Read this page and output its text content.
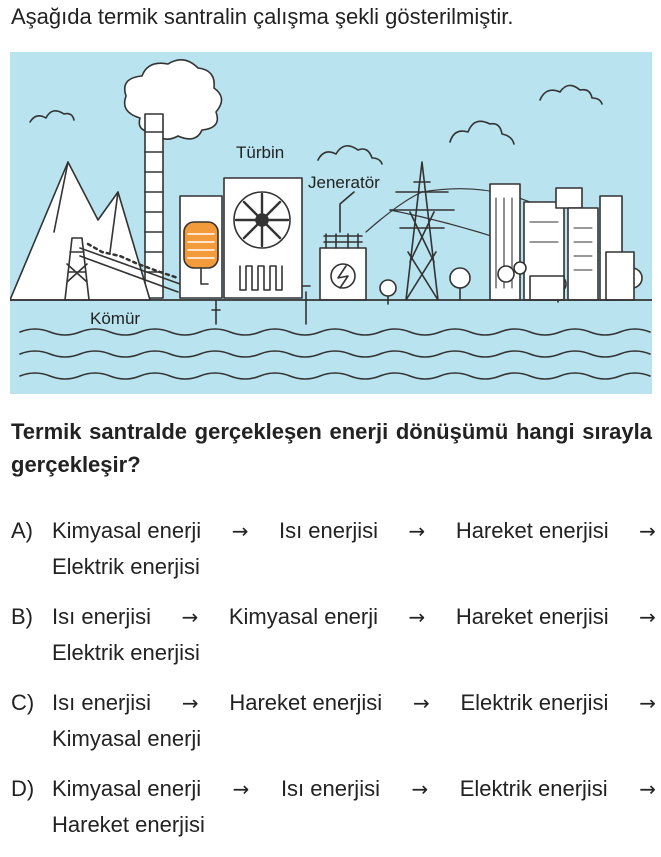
Aşağıda termik santralin çalışma şekli gösterilmiştir.
Türbin
Jeneratör
Kömür
Termik santralde gerçekleşen enerji dönüşümü hangi sırayla gerçekleşir?
A) Kimyasal enerji → Isı enerjisi → Hareket enerjisi →
Elektrik enerjisi
B) Isı enerjisi → Kimyasal enerji → Hareket enerjisi →
Elektrik enerjisi
C) Isı enerjisi → Hareket enerjisi → Elektrik enerjisi →
Kimyasal enerji
D) Kimyasal enerji → Isı enerjisi → Elektrik enerjisi →
Hareket enerjisi
